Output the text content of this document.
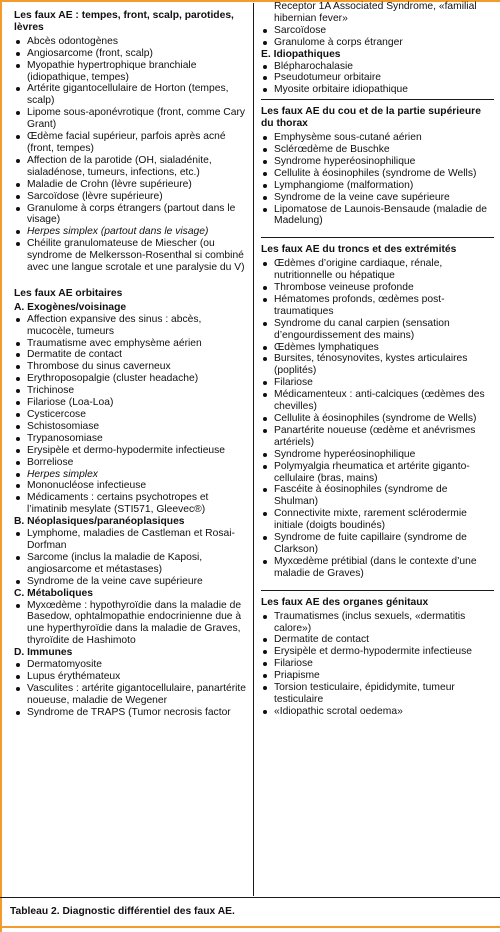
Les faux AE : tempes, front, scalp, parotides, lèvres

Abcès odontogènes
Angiosarcome (front, scalp)
Myopathie hypertrophique branchiale (idiopathique, tempes)
Artérite gigantocellulaire de Horton (tempes, scalp)
Lipome sous-aponévrotique (front, comme Cary Grant)
Œdème facial supérieur, parfois après acné (front, tempes)
Affection de la parotide (OH, sialadénite, sialadénose, tumeurs, infections, etc.)
Maladie de Crohn (lèvre supérieure)
Sarcoïdose (lèvre supérieure)
Granulome à corps étrangers (partout dans le visage)
Herpes simplex (partout dans le visage)
Chéilite granulomateuse de Miescher (ou syndrome de Melkersson-Rosenthal si combiné avec une langue scrotale et une paralysie du V)

Les faux AE orbitaires

A. Exogènes/voisinage

Affection expansive des sinus : abcès, mucocèle, tumeurs
Traumatisme avec emphysème aérien
Dermatite de contact
Thrombose du sinus caverneux
Erythroposopalgie (cluster headache)
Trichinose
Filariose (Loa-Loa)
Cysticercose
Schistosomiase
Trypanosomiase
Erysipèle et dermo-hypodermite infectieuse
Borreliose
Herpes simplex
Mononucléose infectieuse
Médicaments : certains psychotropes et l’imatinib mesylate (STI571, Gleevec®)

B. Néoplasiques/paranéoplasiques

Lymphome, maladies de Castleman et Rosai-Dorfman
Sarcome (inclus la maladie de Kaposi, angiosarcome et métastases)
Syndrome de la veine cave supérieure

C. Métaboliques

Myxœdème : hypothyroïdie dans la maladie de Basedow, ophtalmopathie endocrinienne due à une hyperthyroïdie dans la maladie de Graves, thyroïdite de Hashimoto

D. Immunes

Dermatomyosite
Lupus érythémateux
Vasculites : artérite gigantocellulaire, panartérite noueuse, maladie de Wegener
Syndrome de TRAPS (Tumor necrosis factor

Receptor 1A Associated Syndrome, «familial hibernian fever»

Sarcoïdose
Granulome à corps étranger

E. Idiopathiques

Blépharochalasie
Pseudotumeur orbitaire
Myosite orbitaire idiopathique

Les faux AE du cou et de la partie supérieure du thorax

Emphysème sous-cutané aérien
Sclérœdème de Buschke
Syndrome hyperéosinophilique
Cellulite à éosinophiles (syndrome de Wells)
Lymphangiome (malformation)
Syndrome de la veine cave supérieure
Lipomatose de Launois-Bensaude (maladie de Madelung)

Les faux AE du troncs et des extrémités

Œdèmes d’origine cardiaque, rénale, nutritionnelle ou hépatique
Thrombose veineuse profonde
Hématomes profonds, œdèmes post-traumatiques
Syndrome du canal carpien (sensation d’engourdissement des mains)
Œdèmes lymphatiques
Bursites, ténosynovites, kystes articulaires (poplités)
Filariose
Médicamenteux : anti-calciques (œdèmes des chevilles)
Cellulite à éosinophiles (syndrome de Wells)
Panartérite noueuse (œdème et anévrismes artériels)
Syndrome hyperéosinophilique
Polymyalgia rheumatica et artérite giganto-cellulaire (bras, mains)
Fascéite à éosinophiles (syndrome de Shulman)
Connectivite mixte, rarement sclérodermie initiale (doigts boudinés)
Syndrome de fuite capillaire (syndrome de Clarkson)
Myxœdème prétibial (dans le contexte d’une maladie de Graves)

Les faux AE des organes génitaux

Traumatismes (inclus sexuels, «dermatitis calore»)
Dermatite de contact
Erysipèle et dermo-hypodermite infectieuse
Filariose
Priapisme
Torsion testiculaire, épididymite, tumeur testiculaire
«Idiopathic scrotal oedema»
Tableau 2. Diagnostic différentiel des faux AE.
